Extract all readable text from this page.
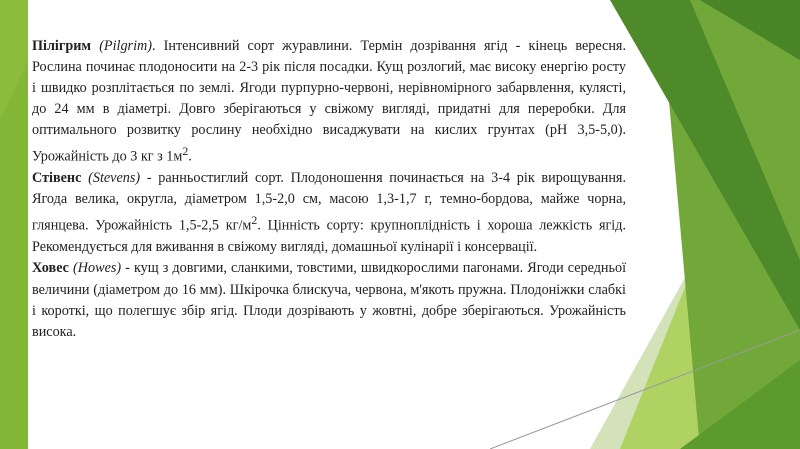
Пілігрим (Pilgrim). Інтенсивний сорт журавлини. Термін дозрівання ягід - кінець вересня. Рослина починає плодоносити на 2-3 рік після посадки. Кущ розлогий, має високу енергію росту і швидко розплітається по землі. Ягоди пурпурно-червоні, нерівномірного забарвлення, кулясті, до 24 мм в діаметрі. Довго зберігаються у свіжому вигляді, придатні для переробки. Для оптимального розвитку рослину необхідно висаджувати на кислих грунтах (рН 3,5-5,0). Урожайність до 3 кг з $1м^2$.

Стівенс (Stevens) - ранньостиглий сорт. Плодоношення починається на 3-4 рік вирощування. Ягода велика, округла, діаметром 1,5-2,0 см, масою 1,3-1,7 г, темно-бордова, майже чорна, глянцева. Урожайність 1,5-2,5 $кг/м^2$. Цінність сорту: крупноплідність і хороша лежкість ягід. Рекомендується для вживання в свіжому вигляді, домашньої кулінарії і консервації.

Ховес (Howes) - кущ з довгими, сланкими, товстими, швидкорослими пагонами. Ягоди середньої величини (діаметром до 16 мм). Шкірочка блискуча, червона, м'якоть пружна. Плодоніжки слабкі і короткі, що полегшує збір ягід. Плоди дозрівають у жовтні, добре зберігаються. Урожайність висока.
